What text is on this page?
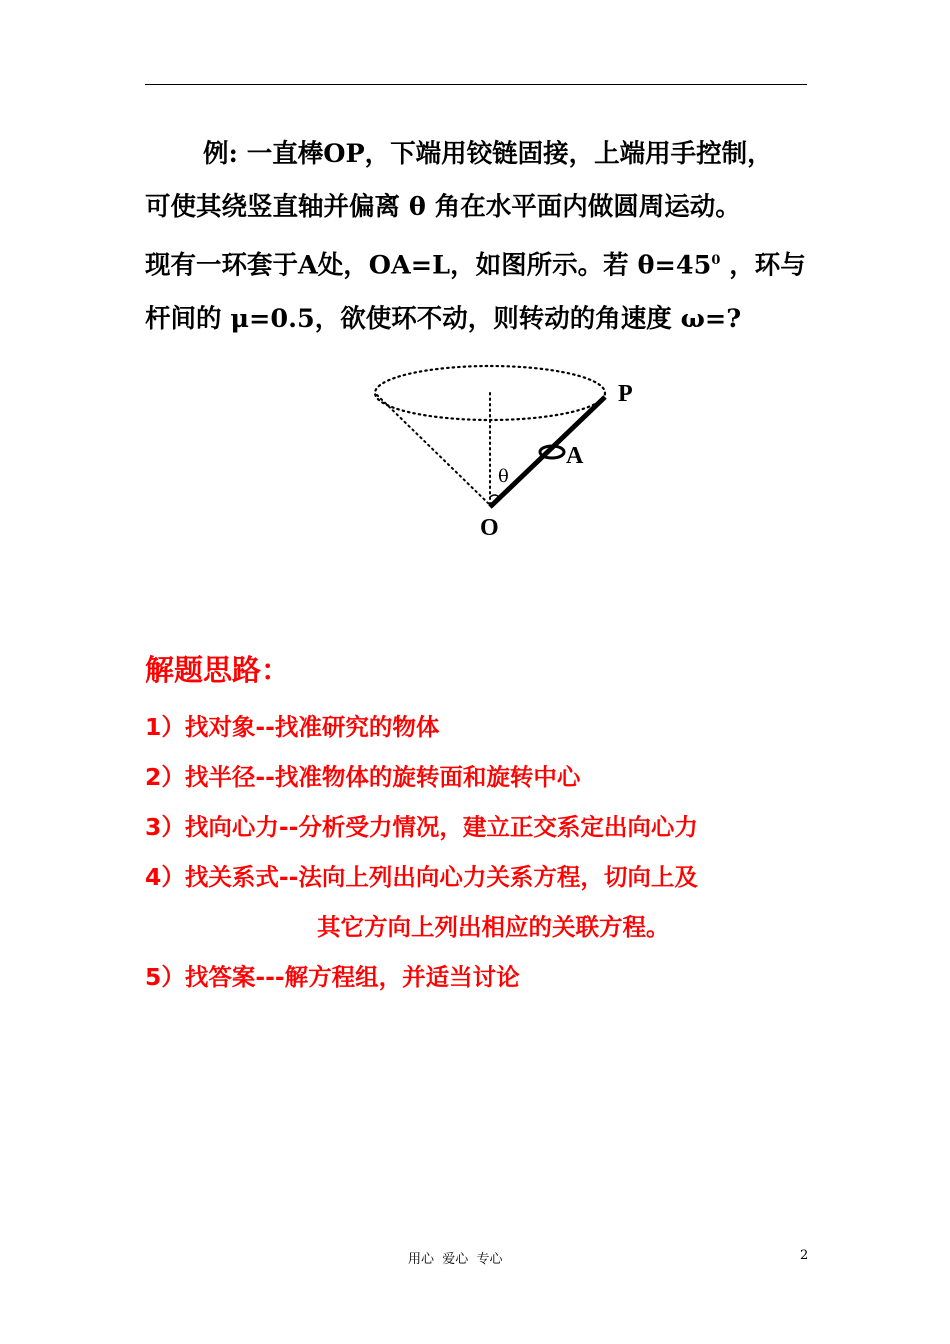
例: 一直棒OP，下端用铰链固接，上端用手控制，
可使其绕竖直轴并偏离 θ 角在水平面内做圆周运动。
现有一环套于A处，OA=L，如图所示。若 $\theta=45^0$ ，环与
杆间的 μ=0.5，欲使环不动，则转动的角速度 ω=?
P
A
O
θ
解题思路：
1）找对象--找准研究的物体
2）找半径--找准物体的旋转面和旋转中心
3）找向心力--分析受力情况，建立正交系定出向心力
4）找关系式--法向上列出向心力关系方程，切向上及
其它方向上列出相应的关联方程。
5）找答案---解方程组，并适当讨论
用心  爱心  专心	2
